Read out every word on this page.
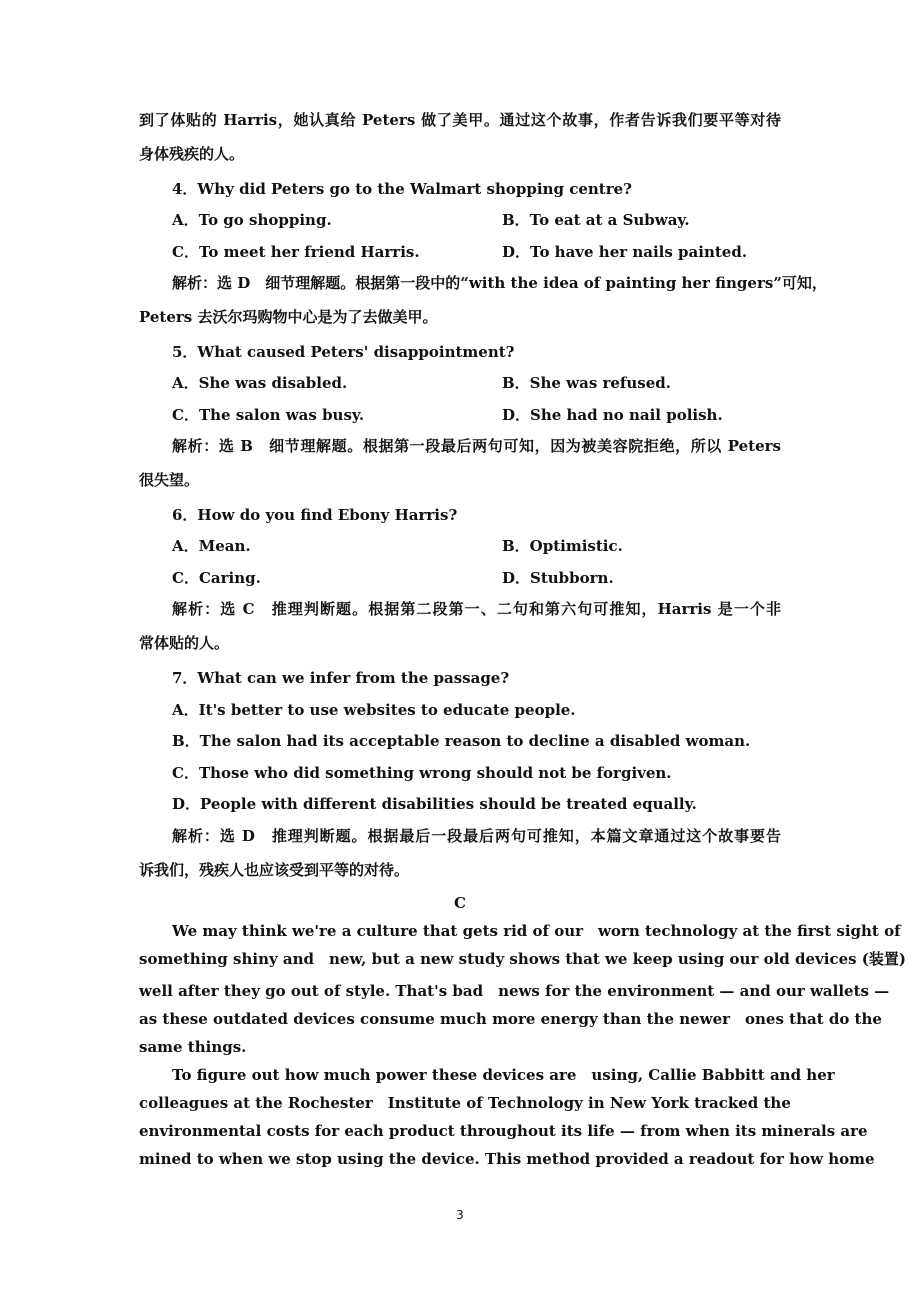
到了体贴的 Harris，她认真给 Peters 做了美甲。通过这个故事，作者告诉我们要平等对待
身体残疾的人。
4．Why did Peters go to the Walmart shopping centre?
A．To go shopping.	B．To eat at a Subway.
C．To meet her friend Harris.	D．To have her nails painted.
解析：选 D　细节理解题。根据第一段中的“with the idea of painting her fingers”可知，
Peters 去沃尔玛购物中心是为了去做美甲。
5．What caused Peters' disappointment?
A．She was disabled.	B．She was refused.
C．The salon was busy.	D．She had no nail polish.
解析：选 B　细节理解题。根据第一段最后两句可知，因为被美容院拒绝，所以 Peters
很失望。
6．How do you find Ebony Harris?
A．Mean.	B．Optimistic.
C．Caring.	D．Stubborn.
解析：选 C　推理判断题。根据第二段第一、二句和第六句可推知，Harris 是一个非
常体贴的人。
7．What can we infer from the passage?
A．It's better to use websites to educate people.
B．The salon had its acceptable reason to decline a disabled woman.
C．Those who did something wrong should not be forgiven.
D．People with different disabilities should be treated equally.
解析：选 D　推理判断题。根据最后一段最后两句可推知，本篇文章通过这个故事要告
诉我们，残疾人也应该受到平等的对待。
C
We may think we're a culture that gets rid of our　worn technology at the first sight of
something shiny and　new, but a new study shows that we keep using our old devices (装置)
well after they go out of style. That's bad　news for the environment — and our wallets —
as these outdated devices consume much more energy than the newer　ones that do the
same things.
To figure out how much power these devices are　using, Callie Babbitt and her
colleagues at the Rochester　Institute of Technology in New York tracked the
environmental costs for each product throughout its life — from when its minerals are
mined to when we stop using the device. This method provided a readout for how home
3
